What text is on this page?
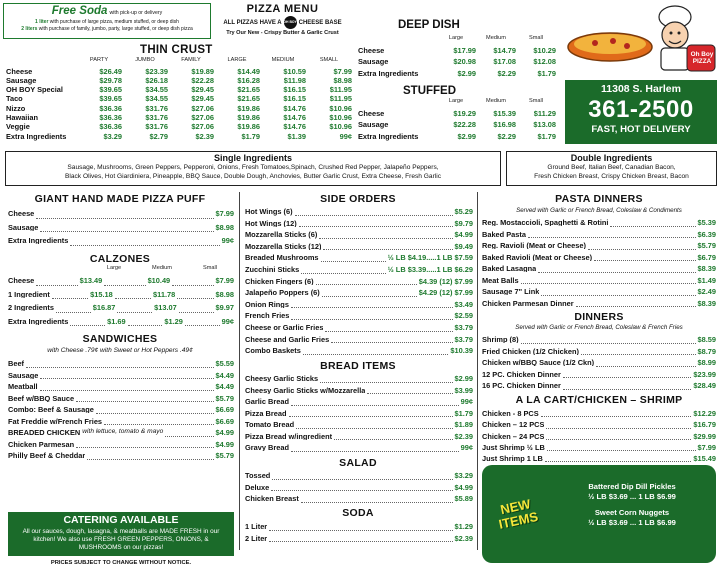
Free Soda with pick-up or delivery
1 liter with purchase of large pizza, medium stuffed, or deep dish
2 liters with purchase of family, jumbo, party, large stuffed, or deep dish pizza
PIZZA MENU
ALL PIZZAS HAVE A OH BOY CHEESE BASE
Try Our New - Crispy Butter & Garlic Crust
THIN CRUST
PARTY	JUMBO	FAMILY	LARGE	MEDIUM	SMALL
Cheese	$26.49	$23.39	$19.89	$14.49	$10.59	$7.99
Sausage	$29.78	$26.18	$22.28	$16.28	$11.98	$8.98
OH BOY Special	$39.65	$34.55	$29.45	$21.65	$16.15	$11.95
Taco	$39.65	$34.55	$29.45	$21.65	$16.15	$11.95
Nizzo	$36.36	$31.76	$27.06	$19.86	$14.76	$10.96
Hawaiian	$36.36	$31.76	$27.06	$19.86	$14.76	$10.96
Veggie	$36.36	$31.76	$27.06	$19.86	$14.76	$10.96
Extra Ingredients	$3.29	$2.79	$2.39	$1.79	$1.39	99¢
DEEP DISH
Large	Medium	Small
Cheese	$17.99	$14.79	$10.29
Sausage	$20.98	$17.08	$12.08
Extra Ingredients	$2.99	$2.29	$1.79
STUFFED
Large	Medium	Small
Cheese	$19.29	$15.39	$11.29
Sausage	$22.28	$16.98	$13.08
Extra Ingredients	$2.99	$2.29	$1.79
Oh Boy PIZZA
11308 S. Harlem
361-2500
FAST, HOT DELIVERY
Single Ingredients
Sausage, Mushrooms, Green Peppers, Pepperoni, Onions, Fresh Tomatoes,Spinach, Crushed Red Pepper, Jalapeño Peppers,
Black Olives, Hot Giardiniera, Pineapple, BBQ Sauce, Double Dough, Anchovies, Butter Garlic Crust, Extra Cheese, Fresh Garlic
Double Ingredients
Ground Beef, Italian Beef, Canadian Bacon,
Fresh Chicken Breast, Crispy Chicken Breast, Bacon
GIANT HAND MADE PIZZA PUFF
Cheese	$7.99
Sausage	$8.98
Extra Ingredients	99¢
CALZONES
Large	Medium	Small
Cheese	$13.49	$10.49	$7.99
1 Ingredient	$15.18	$11.78	$8.98
2 Ingredients	$16.87	$13.07	$9.97
Extra Ingredients	$1.69	$1.29	99¢
SANDWICHES
with Cheese .79¢ with Sweet or Hot Peppers .49¢
Beef	$5.59
Sausage	$4.49
Meatball	$4.49
Beef w/BBQ Sauce	$5.79
Combo: Beef & Sausage	$6.69
Fat Freddie w/French Fries	$6.69
BREADED CHICKEN with lettuce, tomato & mayo	$4.99
Chicken Parmesan	$4.99
Philly Beef & Cheddar	$5.79
CATERING AVAILABLE
All our sauces, dough, lasagna, & meatballs are MADE FRESH in our kitchen! We also use FRESH GREEN PEPPERS, ONIONS, & MUSHROOMS on our pizzas!
PRICES SUBJECT TO CHANGE WITHOUT NOTICE.
SIDE ORDERS
Hot Wings (6)	$5.29
Hot Wings (12)	$9.79
Mozzarella Sticks (6)	$4.99
Mozzarella Sticks (12)	$9.49
Breaded Mushrooms	½ LB $4.19.....1 LB $7.59
Zucchini Sticks	½ LB $3.39.....1 LB $6.29
Chicken Fingers (6)	$4.39 (12) $7.99
Jalapeño Poppers (6)	$4.29 (12) $7.99
Onion Rings	$3.49
French Fries	$2.59
Cheese or Garlic Fries	$3.79
Cheese and Garlic Fries	$3.79
Combo Baskets	$10.39
BREAD ITEMS
Cheesy Garlic Sticks	$2.99
Cheesy Garlic Sticks w/Mozzarella	$3.99
Garlic Bread	99¢
Pizza Bread	$1.79
Tomato Bread	$1.89
Pizza Bread w/ingredient	$2.39
Gravy Bread	99¢
SALAD
Tossed	$3.29
Deluxe	$4.99
Chicken Breast	$5.89
SODA
1 Liter	$1.29
2 Liter	$2.39
PASTA DINNERS
Served with Garlic or French Bread, Coleslaw & Condiments
Reg. Mostaccioli, Spaghetti & Rotini	$5.39
Baked Pasta	$6.39
Reg. Ravioli (Meat or Cheese)	$5.79
Baked Ravioli (Meat or Cheese)	$6.79
Baked Lasagna	$8.39
Meat Balls	$1.49
Sausage 7" Link	$2.49
Chicken Parmesan Dinner	$8.39
DINNERS
Served with Garlic or French Bread, Coleslaw & French Fries
Shrimp (8)	$8.59
Fried Chicken (1/2 Chicken)	$8.79
Chicken w/BBQ Sauce (1/2 Ckn)	$8.99
12 PC. Chicken Dinner	$23.99
16 PC. Chicken Dinner	$28.49
A LA CART/CHICKEN – SHRIMP
Chicken - 8 PCS	$12.29
Chicken – 12 PCS	$16.79
Chicken – 24 PCS	$29.99
Just Shrimp ½ LB	$7.99
Just Shrimp 1 LB	$15.49
NEW ITEMS
Battered Dip Dill Pickles
½ LB $3.69 ... 1 LB $6.99
Sweet Corn Nuggets
½ LB $3.69 ... 1 LB $6.99
